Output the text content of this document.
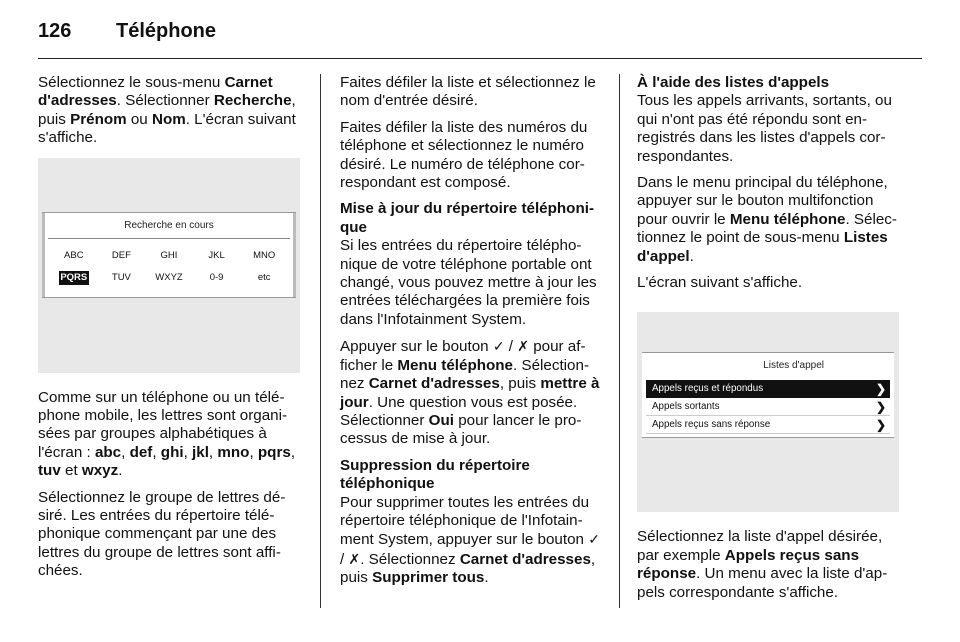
126	Téléphone

Sélectionnez le sous-menu Carnet d'adresses. Sélectionner Recherche, puis Prénom ou Nom. L'écran suivant s'affiche.

Recherche en cours
ABC	DEF	GHI	JKL	MNO
PQRS	TUV	WXYZ	0-9	etc

Comme sur un téléphone ou un téléphone mobile, les lettres sont organisées par groupes alphabétiques à l'écran : abc, def, ghi, jkl, mno, pqrs, tuv et wxyz.

Sélectionnez le groupe de lettres désiré. Les entrées du répertoire téléphonique commençant par une des lettres du groupe de lettres sont affichées.

Faites défiler la liste et sélectionnez le nom d'entrée désiré.

Faites défiler la liste des numéros du téléphone et sélectionnez le numéro désiré. Le numéro de téléphone correspondant est composé.

Mise à jour du répertoire téléphonique

Si les entrées du répertoire téléphonique de votre téléphone portable ont changé, vous pouvez mettre à jour les entrées téléchargées la première fois dans l'Infotainment System.

Appuyer sur le bouton ✓ / ✗ pour afficher le Menu téléphone. Sélectionnez Carnet d'adresses, puis mettre à jour. Une question vous est posée. Sélectionner Oui pour lancer le processus de mise à jour.

Suppression du répertoire téléphonique

Pour supprimer toutes les entrées du répertoire téléphonique de l'Infotainment System, appuyer sur le bouton ✓ / ✗. Sélectionnez Carnet d'adresses, puis Supprimer tous.

À l'aide des listes d'appels

Tous les appels arrivants, sortants, ou qui n'ont pas été répondu sont enregistrés dans les listes d'appels correspondantes.

Dans le menu principal du téléphone, appuyer sur le bouton multifonction pour ouvrir le Menu téléphone. Sélectionnez le point de sous-menu Listes d'appel.

L'écran suivant s'affiche.

Listes d'appel
Appels reçus et répondus	❯
Appels sortants	❯
Appels reçus sans réponse	❯

Sélectionnez la liste d'appel désirée, par exemple Appels reçus sans réponse. Un menu avec la liste d'appels correspondante s'affiche.
